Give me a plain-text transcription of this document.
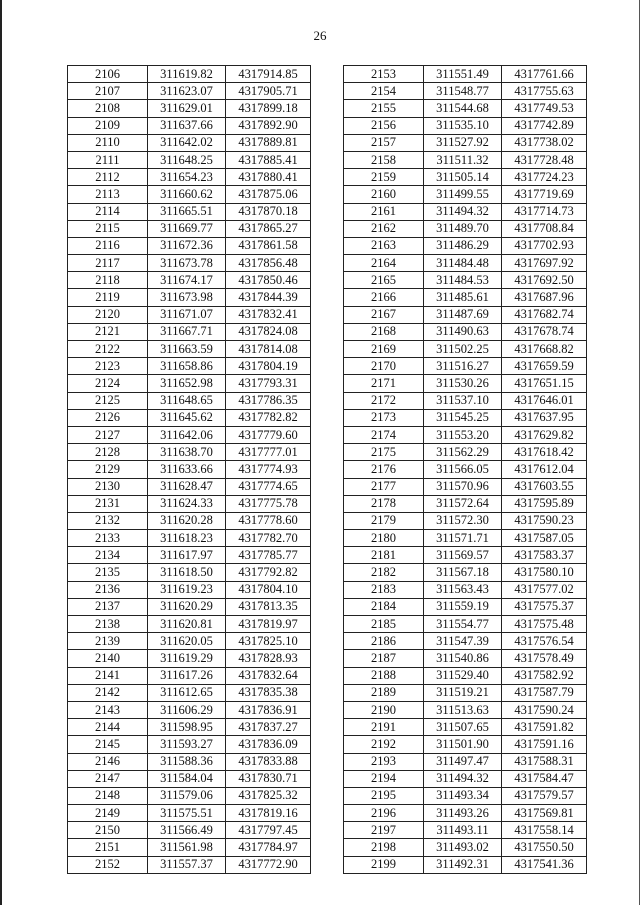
26
2106	311619.82	4317914.85
2107	311623.07	4317905.71
2108	311629.01	4317899.18
2109	311637.66	4317892.90
2110	311642.02	4317889.81
2111	311648.25	4317885.41
2112	311654.23	4317880.41
2113	311660.62	4317875.06
2114	311665.51	4317870.18
2115	311669.77	4317865.27
2116	311672.36	4317861.58
2117	311673.78	4317856.48
2118	311674.17	4317850.46
2119	311673.98	4317844.39
2120	311671.07	4317832.41
2121	311667.71	4317824.08
2122	311663.59	4317814.08
2123	311658.86	4317804.19
2124	311652.98	4317793.31
2125	311648.65	4317786.35
2126	311645.62	4317782.82
2127	311642.06	4317779.60
2128	311638.70	4317777.01
2129	311633.66	4317774.93
2130	311628.47	4317774.65
2131	311624.33	4317775.78
2132	311620.28	4317778.60
2133	311618.23	4317782.70
2134	311617.97	4317785.77
2135	311618.50	4317792.82
2136	311619.23	4317804.10
2137	311620.29	4317813.35
2138	311620.81	4317819.97
2139	311620.05	4317825.10
2140	311619.29	4317828.93
2141	311617.26	4317832.64
2142	311612.65	4317835.38
2143	311606.29	4317836.91
2144	311598.95	4317837.27
2145	311593.27	4317836.09
2146	311588.36	4317833.88
2147	311584.04	4317830.71
2148	311579.06	4317825.32
2149	311575.51	4317819.16
2150	311566.49	4317797.45
2151	311561.98	4317784.97
2152	311557.37	4317772.90
2153	311551.49	4317761.66
2154	311548.77	4317755.63
2155	311544.68	4317749.53
2156	311535.10	4317742.89
2157	311527.92	4317738.02
2158	311511.32	4317728.48
2159	311505.14	4317724.23
2160	311499.55	4317719.69
2161	311494.32	4317714.73
2162	311489.70	4317708.84
2163	311486.29	4317702.93
2164	311484.48	4317697.92
2165	311484.53	4317692.50
2166	311485.61	4317687.96
2167	311487.69	4317682.74
2168	311490.63	4317678.74
2169	311502.25	4317668.82
2170	311516.27	4317659.59
2171	311530.26	4317651.15
2172	311537.10	4317646.01
2173	311545.25	4317637.95
2174	311553.20	4317629.82
2175	311562.29	4317618.42
2176	311566.05	4317612.04
2177	311570.96	4317603.55
2178	311572.64	4317595.89
2179	311572.30	4317590.23
2180	311571.71	4317587.05
2181	311569.57	4317583.37
2182	311567.18	4317580.10
2183	311563.43	4317577.02
2184	311559.19	4317575.37
2185	311554.77	4317575.48
2186	311547.39	4317576.54
2187	311540.86	4317578.49
2188	311529.40	4317582.92
2189	311519.21	4317587.79
2190	311513.63	4317590.24
2191	311507.65	4317591.82
2192	311501.90	4317591.16
2193	311497.47	4317588.31
2194	311494.32	4317584.47
2195	311493.34	4317579.57
2196	311493.26	4317569.81
2197	311493.11	4317558.14
2198	311493.02	4317550.50
2199	311492.31	4317541.36
